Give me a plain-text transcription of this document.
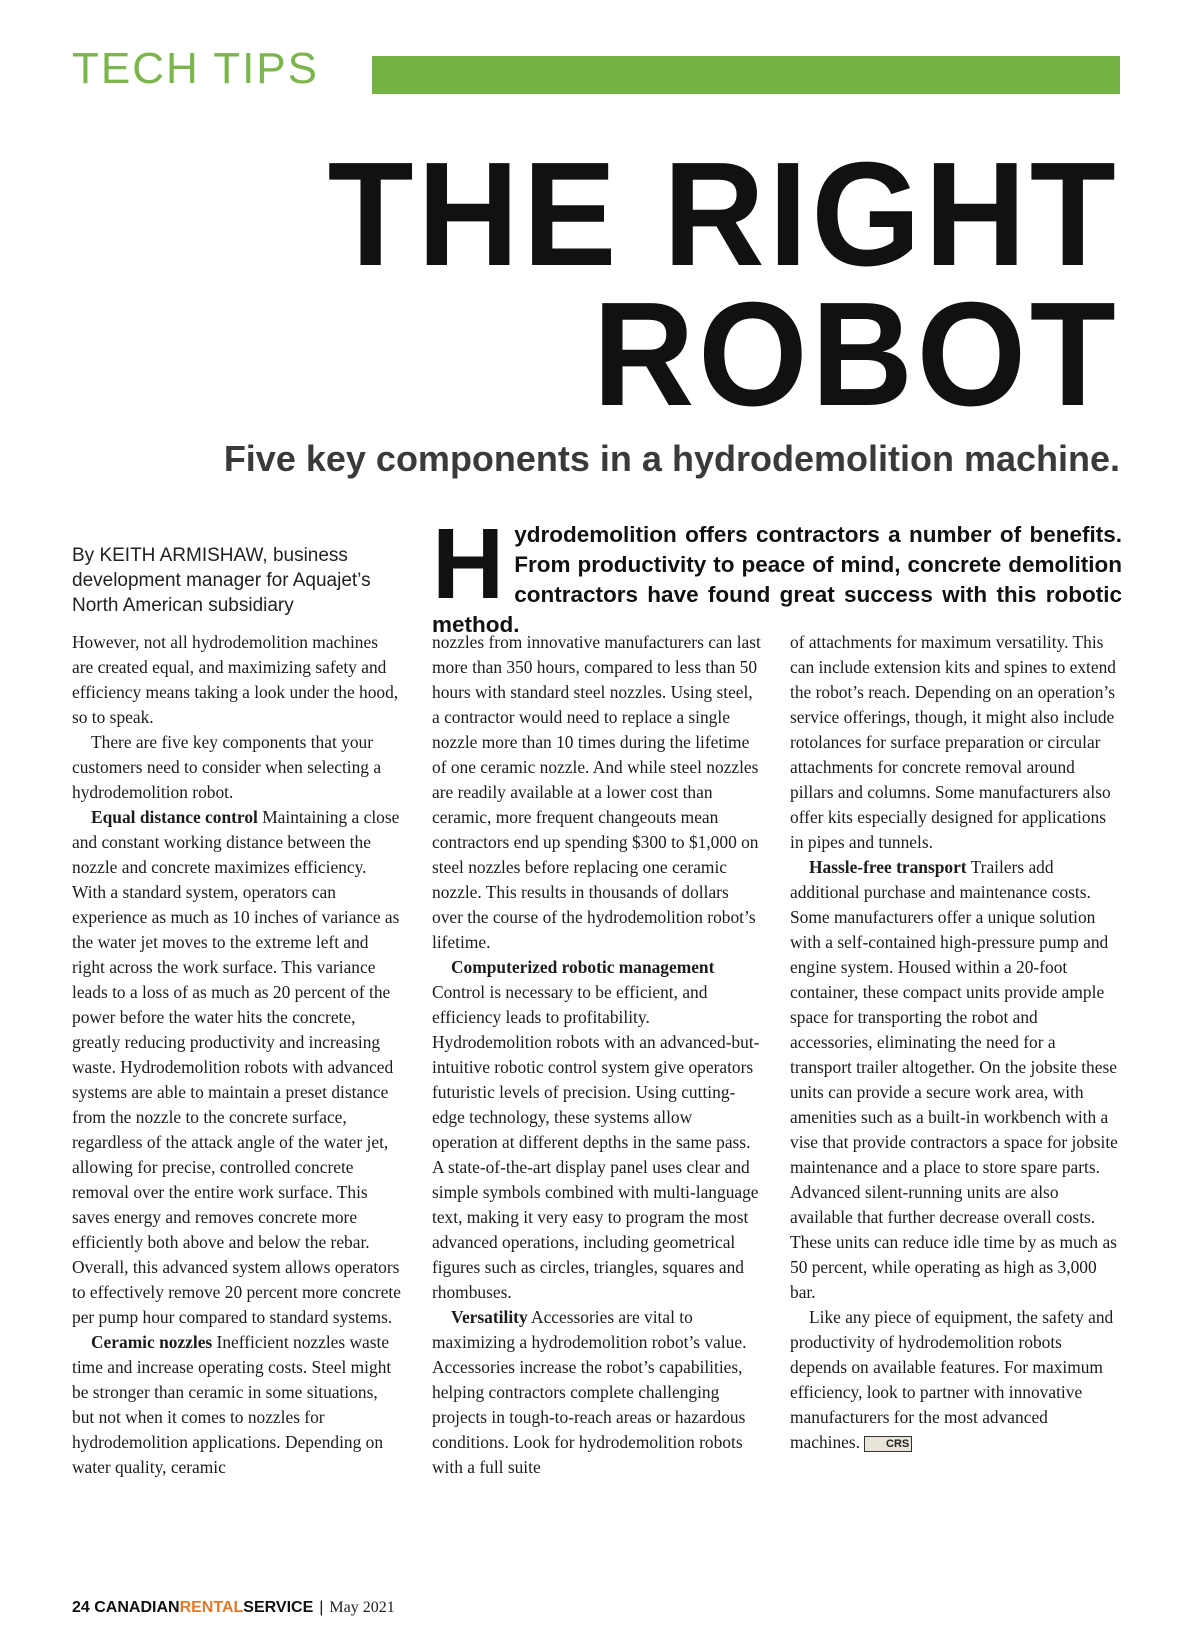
TECH TIPS
THE RIGHT
ROBOT
Five key components in a hydrodemolition machine.
By KEITH ARMISHAW, business development manager for Aquajet’s North American subsidiary	Hydrodemolition offers contractors a number of benefits. From productivity to peace of mind, concrete demolition contractors have found great success with this robotic method.

However, not all hydrodemolition machines are created equal, and maximizing safety and efficiency means taking a look under the hood, so to speak.

There are five key components that your customers need to consider when selecting a hydrodemolition robot.

Equal distance control Maintaining a close and constant working distance between the nozzle and concrete maximizes efficiency. With a standard system, operators can experience as much as 10 inches of variance as the water jet moves to the extreme left and right across the work surface. This variance leads to a loss of as much as 20 percent of the power before the water hits the concrete, greatly reducing productivity and increasing waste. Hydrodemolition robots with advanced systems are able to maintain a preset distance from the nozzle to the concrete surface, regardless of the attack angle of the water jet, allowing for precise, controlled concrete removal over the entire work surface. This saves energy and removes concrete more efficiently both above and below the rebar. Overall, this advanced system allows operators to effectively remove 20 percent more concrete per pump hour compared to standard systems.

Ceramic nozzles Inefficient nozzles waste time and increase operating costs. Steel might be stronger than ceramic in some situations, but not when it comes to nozzles for hydrodemolition applications. Depending on water quality, ceramic

nozzles from innovative manufacturers can last more than 350 hours, compared to less than 50 hours with standard steel nozzles. Using steel, a contractor would need to replace a single nozzle more than 10 times during the lifetime of one ceramic nozzle. And while steel nozzles are readily available at a lower cost than ceramic, more frequent changeouts mean contractors end up spending $300 to $1,000 on steel nozzles before replacing one ceramic nozzle. This results in thousands of dollars over the course of the hydrodemolition robot’s lifetime.

Computerized robotic management Control is necessary to be efficient, and efficiency leads to profitability. Hydrodemolition robots with an advanced-but-intuitive robotic control system give operators futuristic levels of precision. Using cutting-edge technology, these systems allow operation at different depths in the same pass. A state-of-the-art display panel uses clear and simple symbols combined with multi-language text, making it very easy to program the most advanced operations, including geometrical figures such as circles, triangles, squares and rhombuses.

Versatility Accessories are vital to maximizing a hydrodemolition robot’s value. Accessories increase the robot’s capabilities, helping contractors complete challenging projects in tough-to-reach areas or hazardous conditions. Look for hydrodemolition robots with a full suite

of attachments for maximum versatility. This can include extension kits and spines to extend the robot’s reach. Depending on an operation’s service offerings, though, it might also include rotolances for surface preparation or circular attachments for concrete removal around pillars and columns. Some manufacturers also offer kits especially designed for applications in pipes and tunnels.

Hassle-free transport Trailers add additional purchase and maintenance costs. Some manufacturers offer a unique solution with a self-contained high-pressure pump and engine system. Housed within a 20-foot container, these compact units provide ample space for transporting the robot and accessories, eliminating the need for a transport trailer altogether. On the jobsite these units can provide a secure work area, with amenities such as a built-in workbench with a vise that provide contractors a space for jobsite maintenance and a place to store spare parts. Advanced silent-running units are also available that further decrease overall costs. These units can reduce idle time by as much as 50 percent, while operating as high as 3,000 bar.

Like any piece of equipment, the safety and productivity of hydrodemolition robots depends on available features. For maximum efficiency, look to partner with innovative manufacturers for the most advanced machines. CRS

24 CANADIANRENTALSERVICE | May 2021
